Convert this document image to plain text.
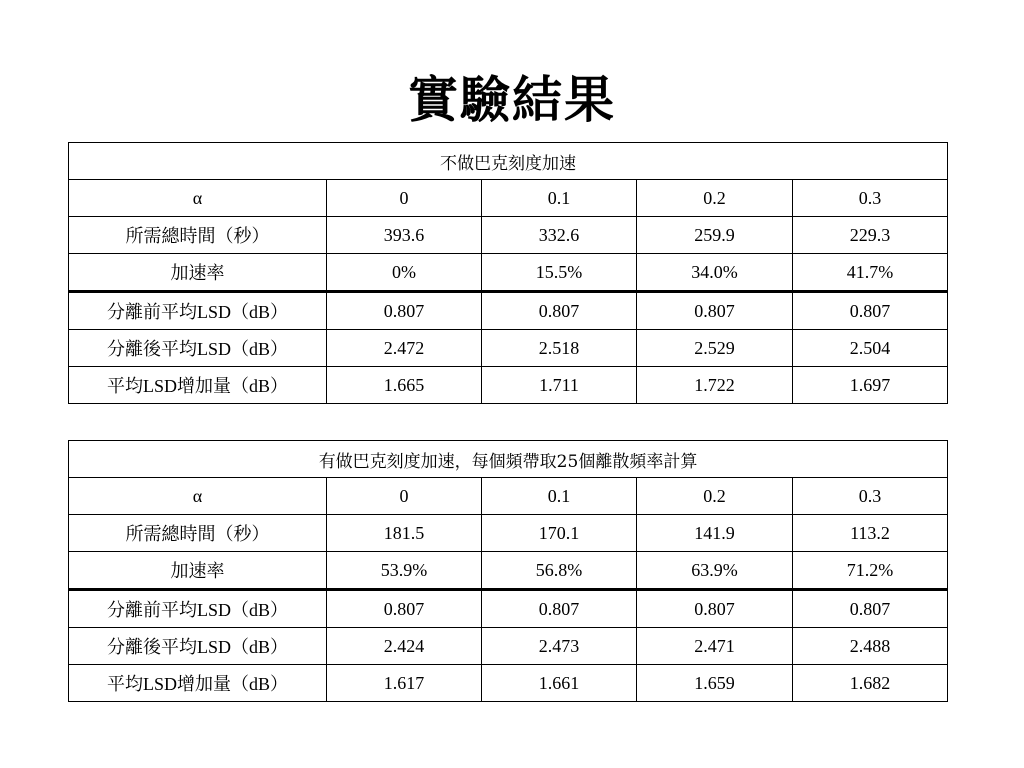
實驗結果
不做巴克刻度加速				
α	0	0.1	0.2	0.3
所需總時間（秒）	393.6	332.6	259.9	229.3
加速率	0%	15.5%	34.0%	41.7%
分離前平均LSD（dB）	0.807	0.807	0.807	0.807
分離後平均LSD（dB）	2.472	2.518	2.529	2.504
平均LSD增加量（dB）	1.665	1.711	1.722	1.697
有做巴克刻度加速，每個頻帶取25個離散頻率計算				
α	0	0.1	0.2	0.3
所需總時間（秒）	181.5	170.1	141.9	113.2
加速率	53.9%	56.8%	63.9%	71.2%
分離前平均LSD（dB）	0.807	0.807	0.807	0.807
分離後平均LSD（dB）	2.424	2.473	2.471	2.488
平均LSD增加量（dB）	1.617	1.661	1.659	1.682
